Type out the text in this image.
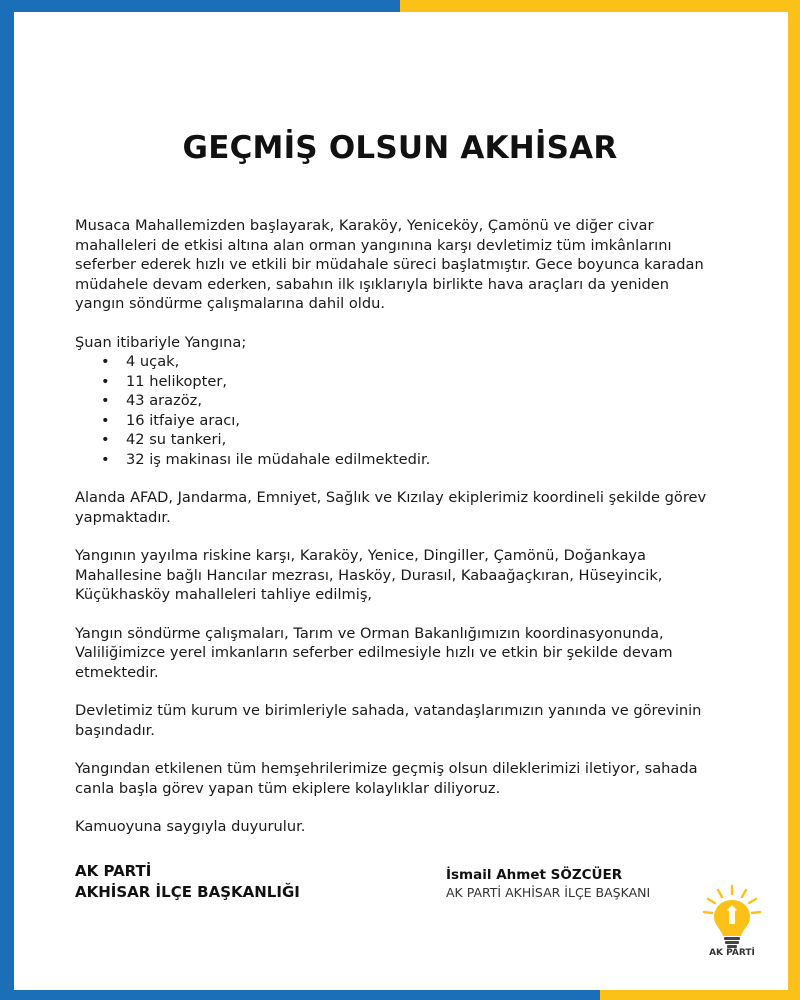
GEÇMİŞ OLSUN AKHİSAR

Musaca Mahallemizden başlayarak, Karaköy, Yeniceköy, Çamönü ve diğer civar mahalleleri de etkisi altına alan orman yangınına karşı devletimiz tüm imkânlarını seferber ederek hızlı ve etkili bir müdahale süreci başlatmıştır. Gece boyunca karadan müdahele devam ederken, sabahın ilk ışıklarıyla birlikte hava araçları da yeniden yangın söndürme çalışmalarına dahil oldu.

Şuan itibariyle Yangına;

• 4 uçak,
• 11 helikopter,
• 43 arazöz,
• 16 itfaiye aracı,
• 42 su tankeri,
• 32 iş makinası ile müdahale edilmektedir.

Alanda AFAD, Jandarma, Emniyet, Sağlık ve Kızılay ekiplerimiz koordineli şekilde görev yapmaktadır.

Yangının yayılma riskine karşı, Karaköy, Yenice, Dingiller, Çamönü, Doğankaya Mahallesine bağlı Hancılar mezrası, Hasköy, Durasıl, Kabaağaçkıran, Hüseyincik, Küçükhasköy mahalleleri tahliye edilmiş,

Yangın söndürme çalışmaları, Tarım ve Orman Bakanlığımızın koordinasyonunda, Valiliğimizce yerel imkanların seferber edilmesiyle hızlı ve etkin bir şekilde devam etmektedir.

Devletimiz tüm kurum ve birimleriyle sahada, vatandaşlarımızın yanında ve görevinin başındadır.

Yangından etkilenen tüm hemşehrilerimize geçmiş olsun dileklerimizi iletiyor, sahada canla başla görev yapan tüm ekiplere kolaylıklar diliyoruz.

Kamuoyuna saygıyla duyurulur.

AK PARTİ
AKHİSAR İLÇE BAŞKANLIĞI
İsmail Ahmet SÖZCÜER
AK PARTİ AKHİSAR İLÇE BAŞKANI
AK PARTİ
